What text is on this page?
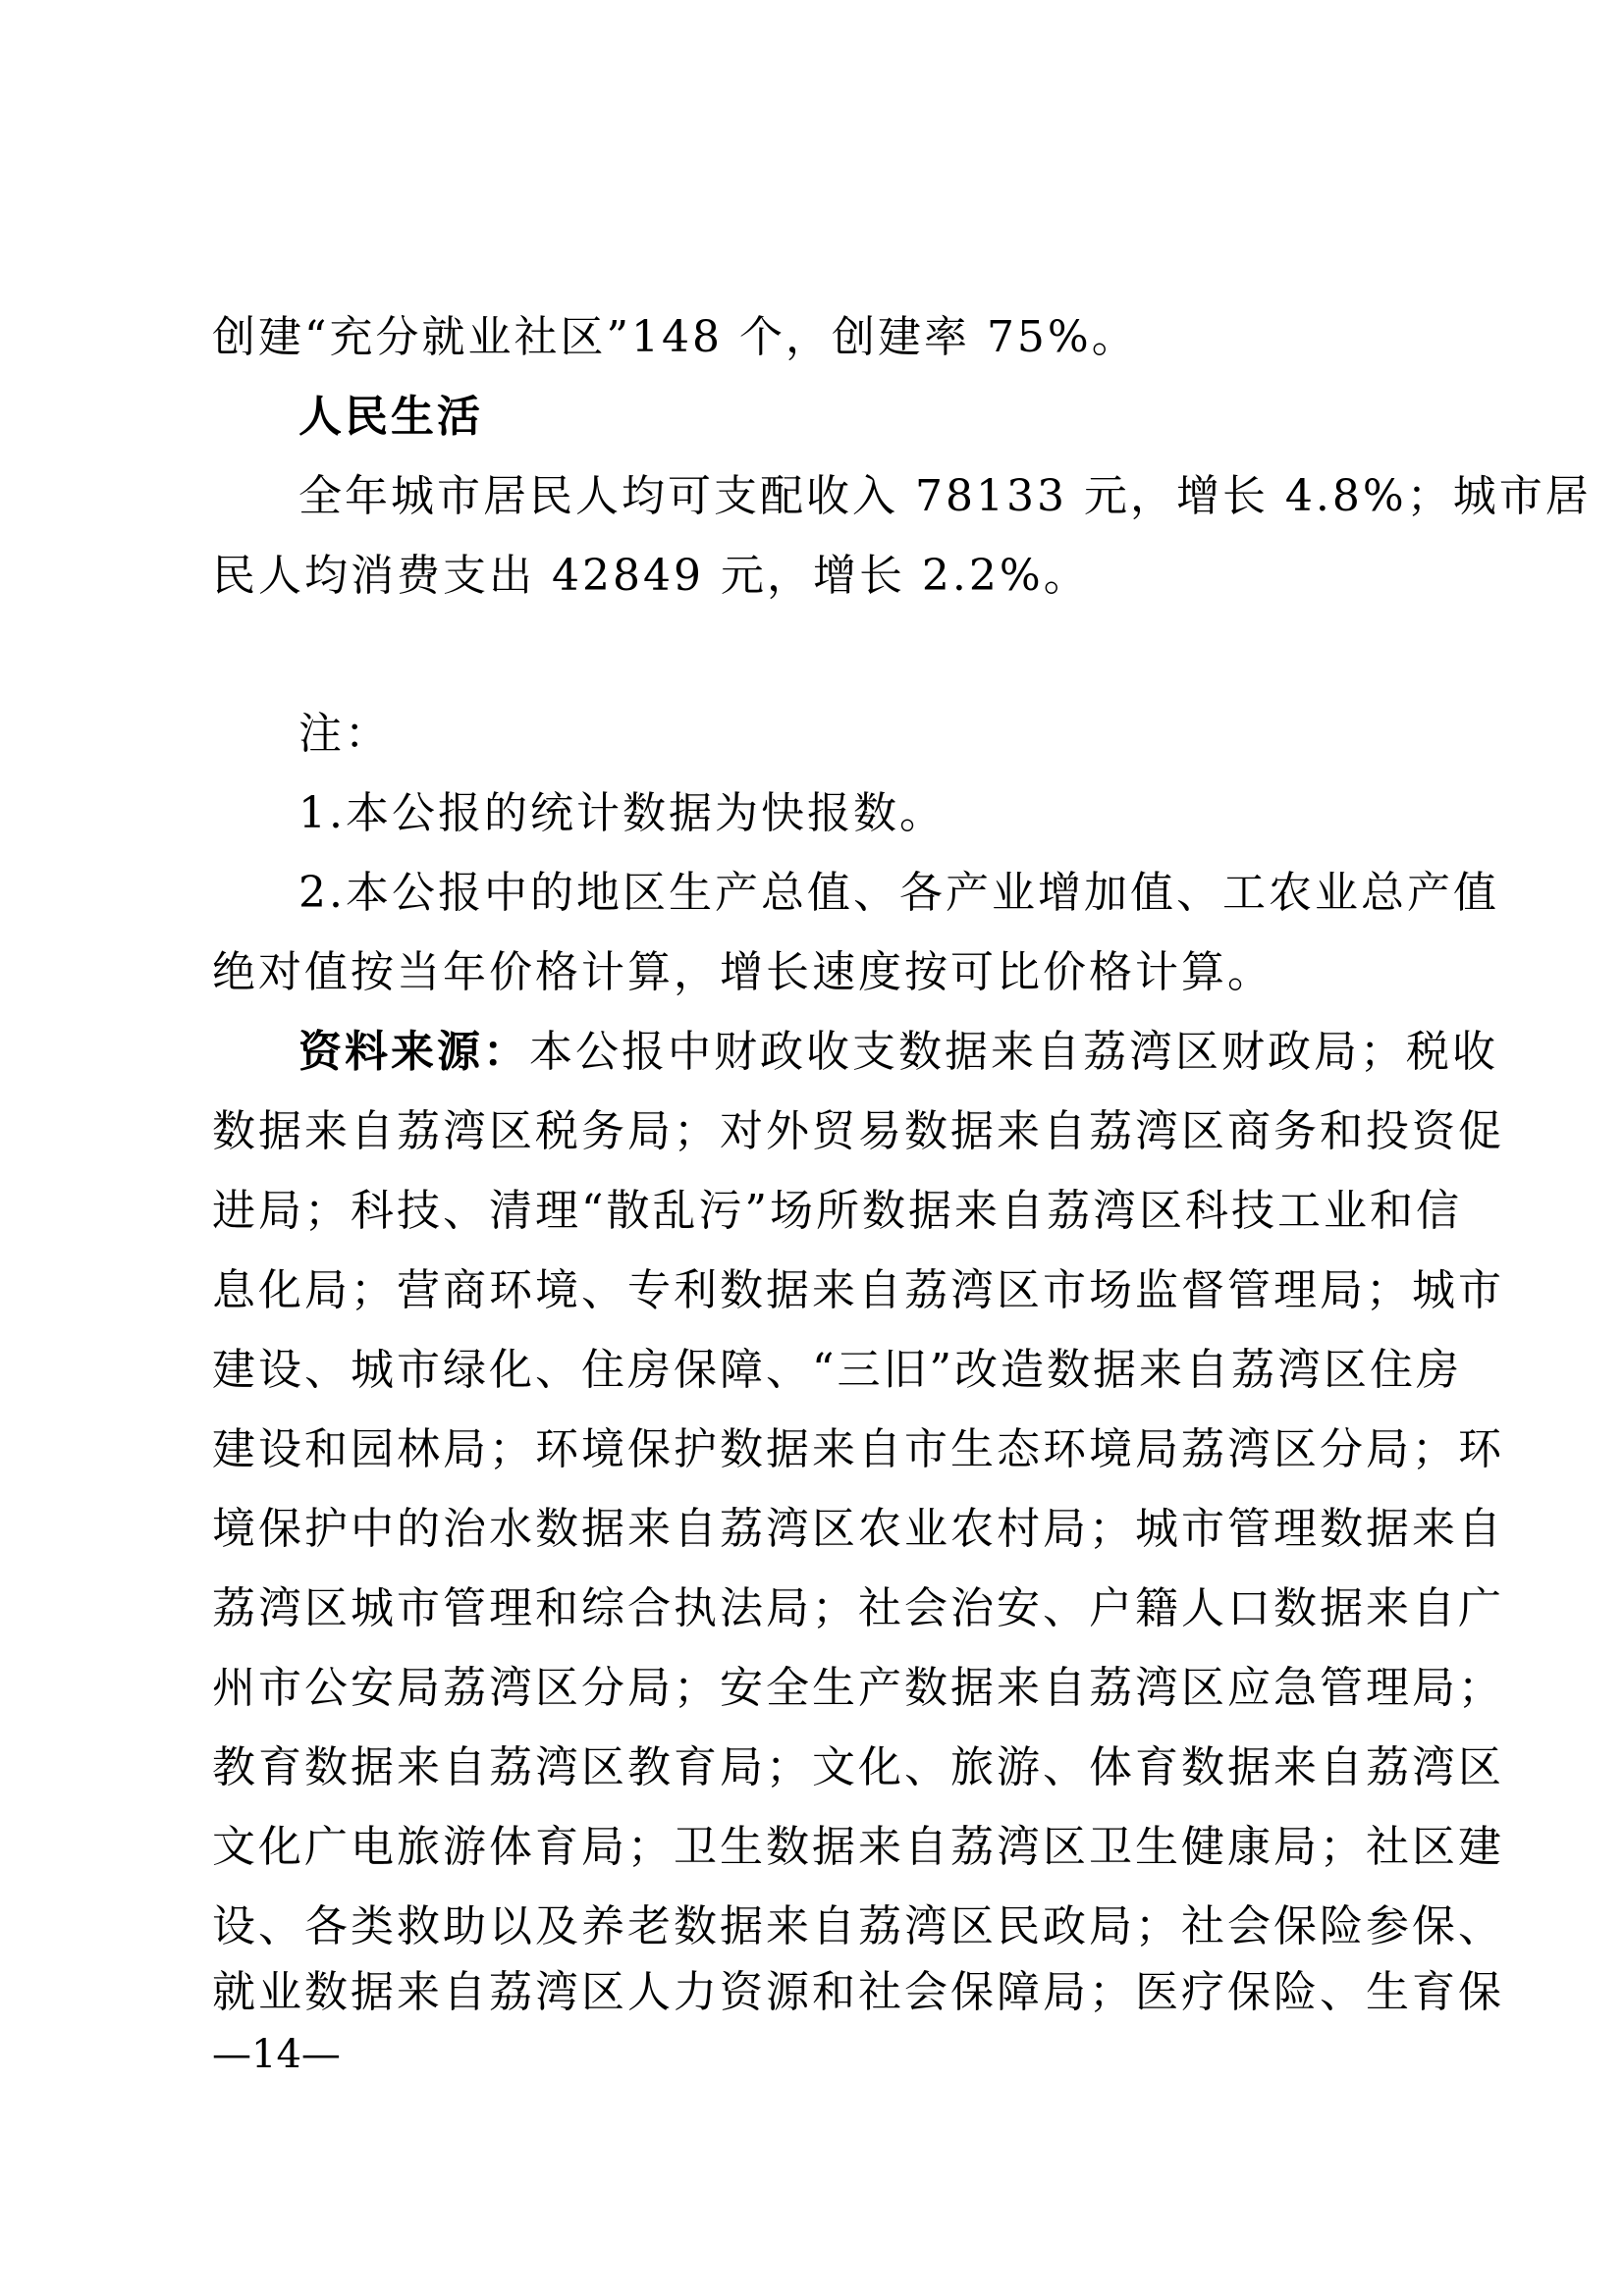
创建“充分就业社区”148 个，创建率 75%。
人民生活
全年城市居民人均可支配收入 78133 元，增长 4.8%；城市居
民人均消费支出 42849 元，增长 2.2%。
注：
1.本公报的统计数据为快报数。
2.本公报中的地区生产总值、各产业增加值、工农业总产值
绝对值按当年价格计算，增长速度按可比价格计算。
资料来源：本公报中财政收支数据来自荔湾区财政局；税收
数据来自荔湾区税务局；对外贸易数据来自荔湾区商务和投资促
进局；科技、清理“散乱污”场所数据来自荔湾区科技工业和信
息化局；营商环境、专利数据来自荔湾区市场监督管理局；城市
建设、城市绿化、住房保障、“三旧”改造数据来自荔湾区住房
建设和园林局；环境保护数据来自市生态环境局荔湾区分局；环
境保护中的治水数据来自荔湾区农业农村局；城市管理数据来自
荔湾区城市管理和综合执法局；社会治安、户籍人口数据来自广
州市公安局荔湾区分局；安全生产数据来自荔湾区应急管理局；
教育数据来自荔湾区教育局；文化、旅游、体育数据来自荔湾区
文化广电旅游体育局；卫生数据来自荔湾区卫生健康局；社区建
设、各类救助以及养老数据来自荔湾区民政局；社会保险参保、
就业数据来自荔湾区人力资源和社会保障局；医疗保险、生育保
—14—
